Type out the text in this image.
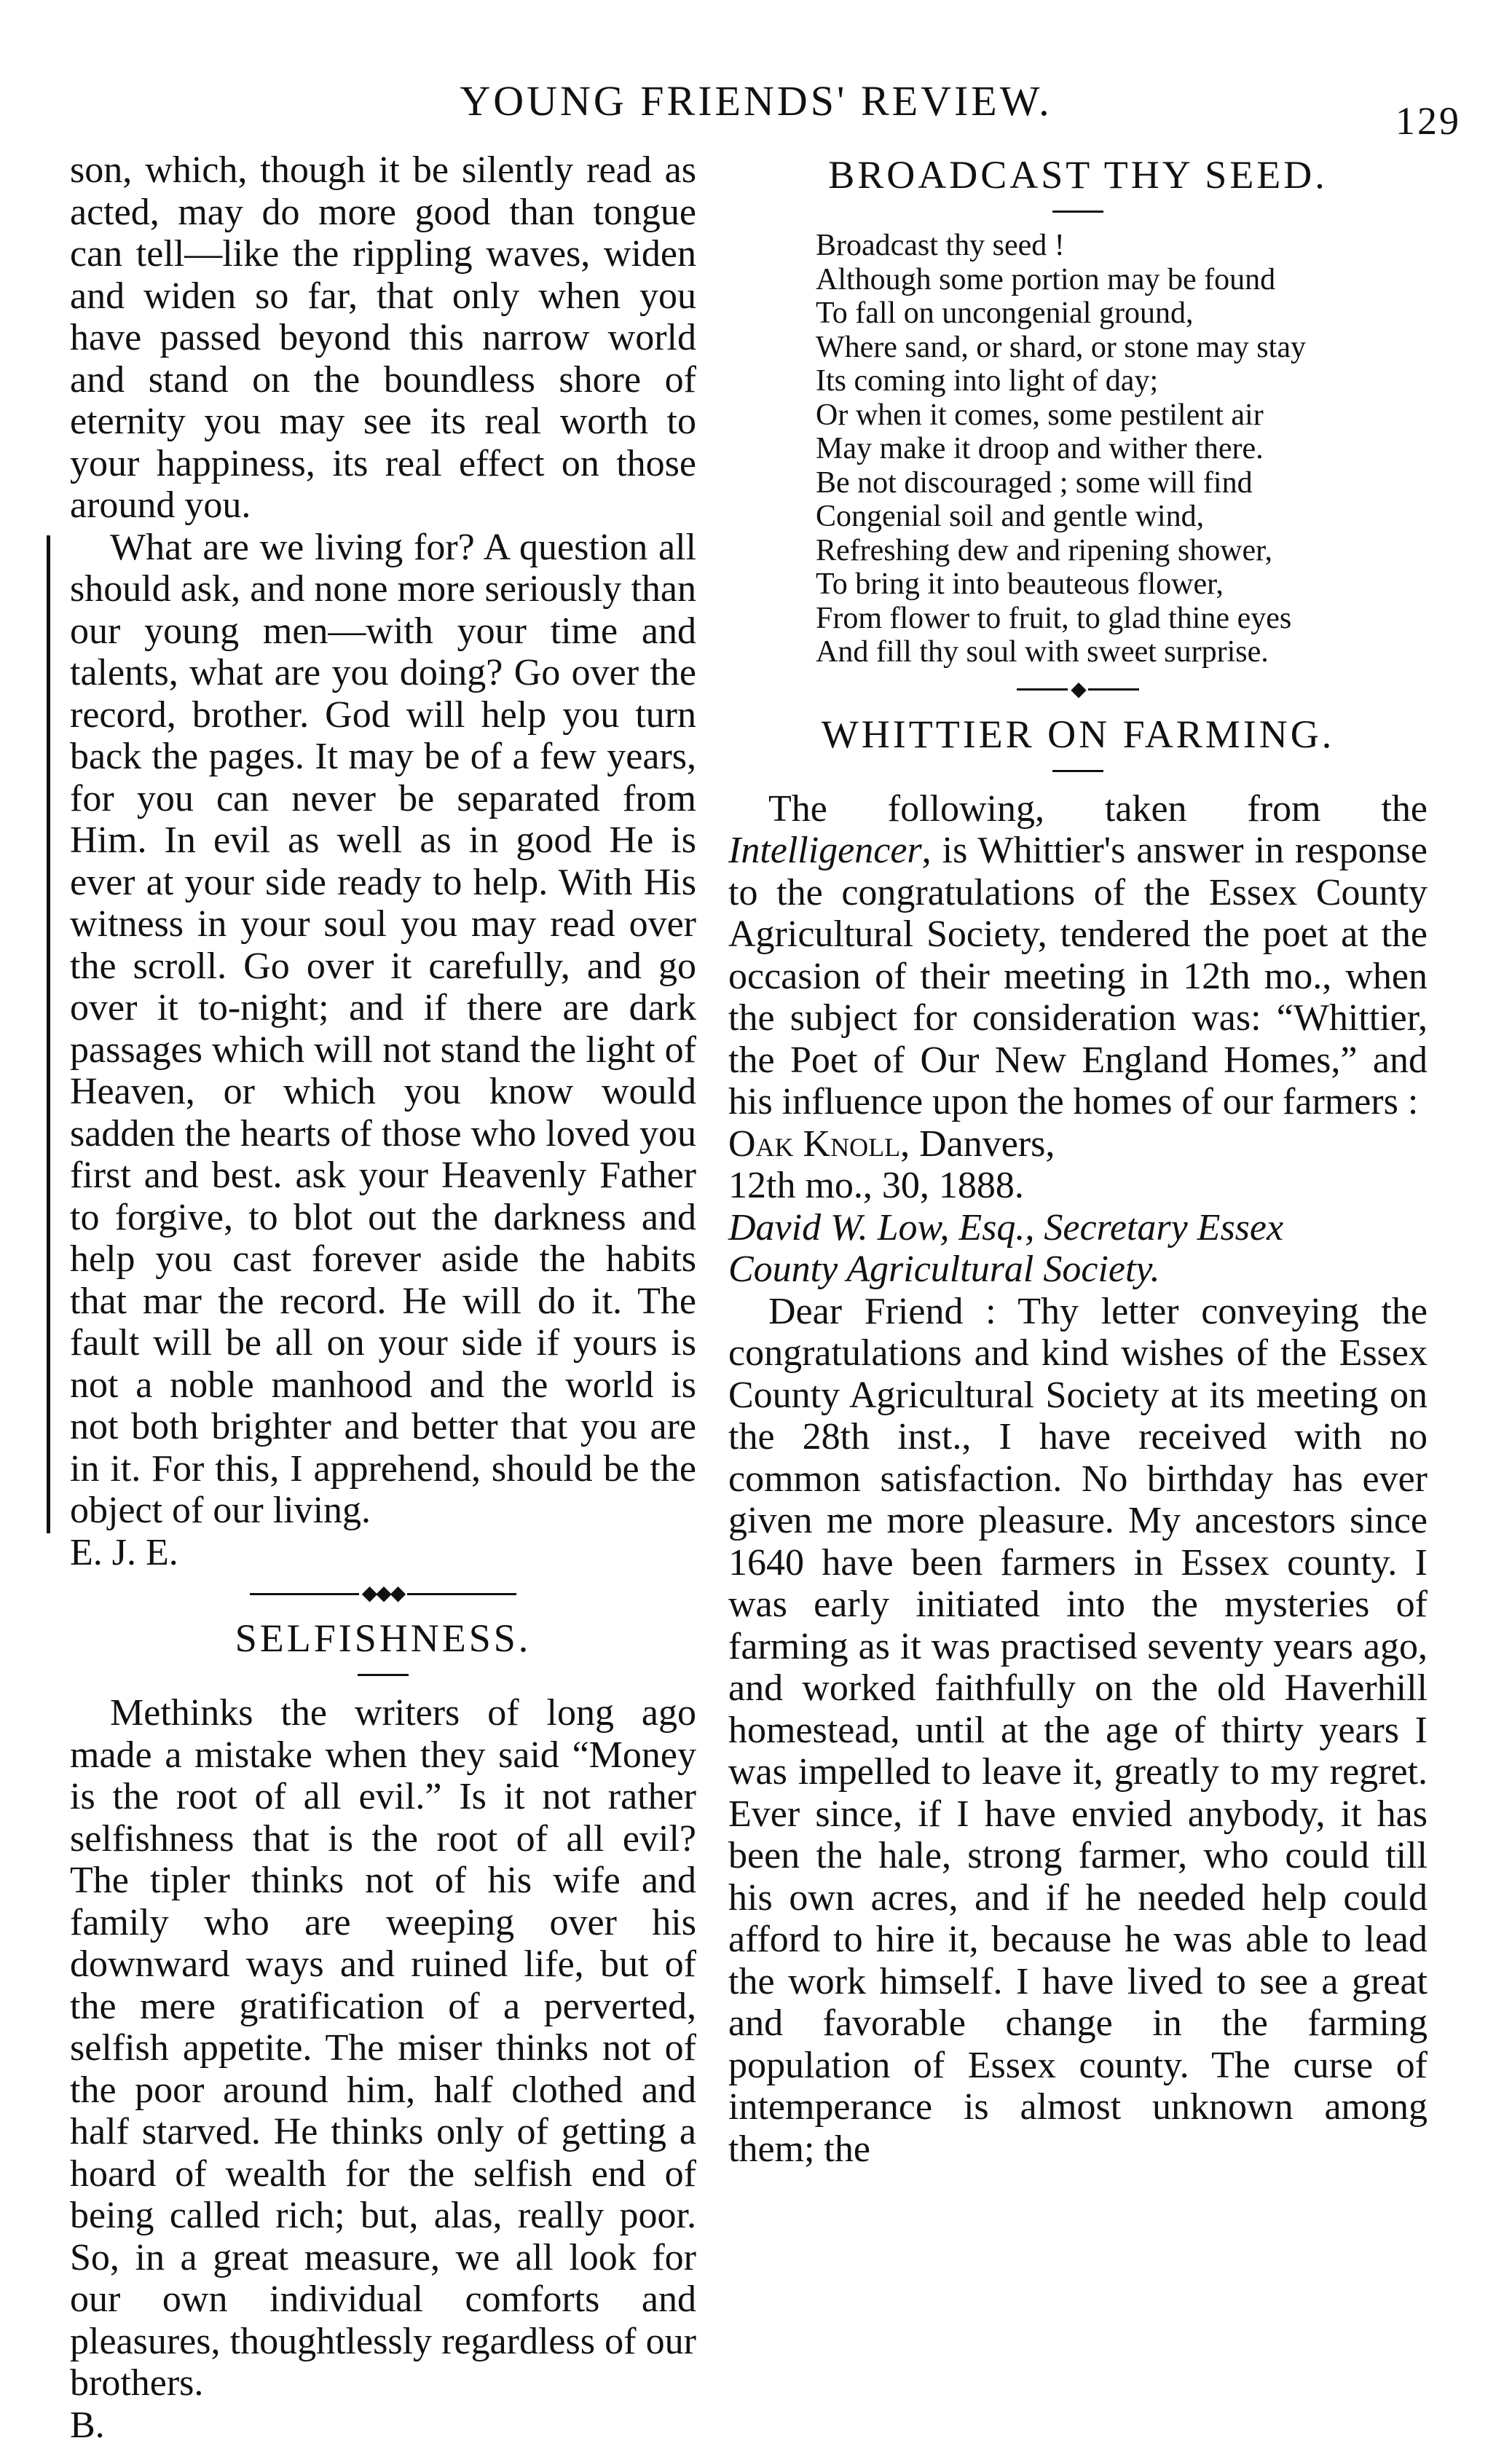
YOUNG FRIENDS' REVIEW.	129

son, which, though it be silently read as acted, may do more good than tongue can tell—like the rippling waves, widen and widen so far, that only when you have passed beyond this narrow world and stand on the boundless shore of eternity you may see its real worth to your happiness, its real effect on those around you.

What are we living for? A question all should ask, and none more seriously than our young men—with your time and talents, what are you doing? Go over the record, brother. God will help you turn back the pages. It may be of a few years, for you can never be separated from Him. In evil as well as in good He is ever at your side ready to help. With His witness in your soul you may read over the scroll. Go over it carefully, and go over it to-night; and if there are dark passages which will not stand the light of Heaven, or which you know would sadden the hearts of those who loved you first and best. ask your Heavenly Father to forgive, to blot out the darkness and help you cast forever aside the habits that mar the record. He will do it. The fault will be all on your side if yours is not a noble manhood and the world is not both brighter and better that you are in it. For this, I apprehend, should be the object of our living.

E. J. E.

◆◆◆
SELFISHNESS.

Methinks the writers of long ago made a mistake when they said “Money is the root of all evil.” Is it not rather selfishness that is the root of all evil? The tipler thinks not of his wife and family who are weeping over his downward ways and ruined life, but of the mere gratification of a perverted, selfish appetite. The miser thinks not of the poor around him, half clothed and half starved. He thinks only of getting a hoard of wealth for the selfish end of being called rich; but, alas, really poor. So, in a great measure, we all look for our own individual comforts and pleasures, thoughtlessly regardless of our brothers.

B.

BROADCAST THY SEED.
Broadcast thy seed !
Although some portion may be found
To fall on uncongenial ground,
Where sand, or shard, or stone may stay
Its coming into light of day;
Or when it comes, some pestilent air
May make it droop and wither there.
Be not discouraged ; some will find
Congenial soil and gentle wind,
Refreshing dew and ripening shower,
To bring it into beauteous flower,
From flower to fruit, to glad thine eyes
And fill thy soul with sweet surprise.
◆
WHITTIER ON FARMING.

The following, taken from the Intelligencer, is Whittier's answer in response to the congratulations of the Essex County Agricultural Society, tendered the poet at the occasion of their meeting in 12th mo., when the subject for consideration was: “Whittier, the Poet of Our New England Homes,” and his influence upon the homes of our farmers :

Oak Knoll, Danvers,

12th mo., 30, 1888.

David W. Low, Esq., Secretary Essex

County Agricultural Society.

Dear Friend : Thy letter conveying the congratulations and kind wishes of the Essex County Agricultural Society at its meeting on the 28th inst., I have received with no common satisfaction. No birthday has ever given me more pleasure. My ancestors since 1640 have been farmers in Essex county. I was early initiated into the mysteries of farming as it was practised seventy years ago, and worked faithfully on the old Haverhill homestead, until at the age of thirty years I was impelled to leave it, greatly to my regret. Ever since, if I have envied anybody, it has been the hale, strong farmer, who could till his own acres, and if he needed help could afford to hire it, because he was able to lead the work himself. I have lived to see a great and favorable change in the farming population of Essex county. The curse of intemperance is almost unknown among them; the
